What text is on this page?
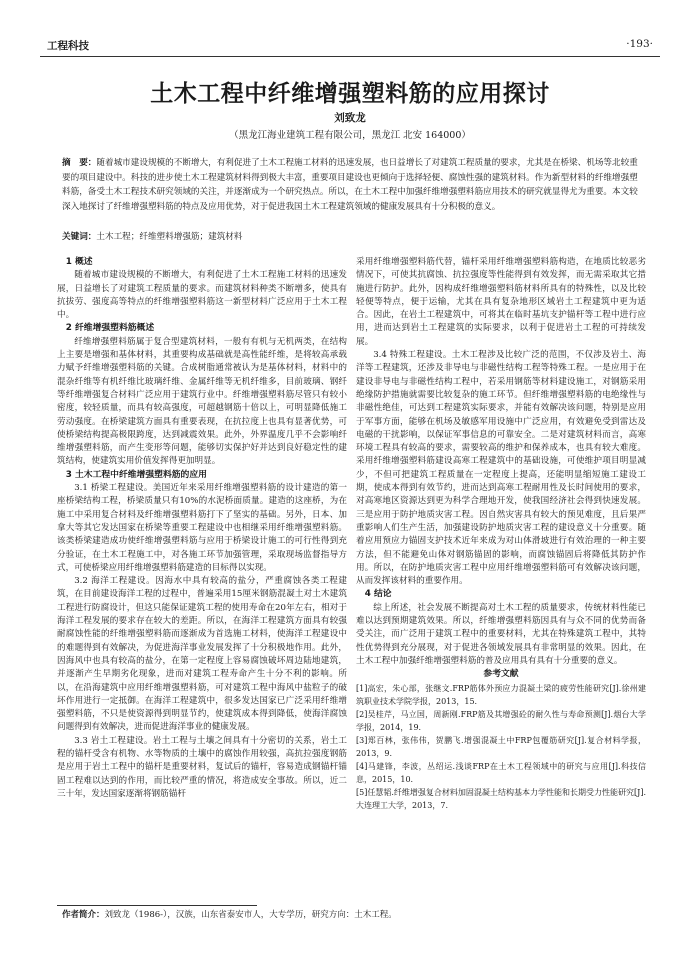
工程科技	·193·
土木工程中纤维增强塑料筋的应用探讨
刘致龙
（黑龙江海业建筑工程有限公司，黑龙江 北安 164000）
摘　要：随着城市建设规模的不断增大，有利促进了土木工程施工材料的迅速发展，也日益增长了对建筑工程质量的要求，尤其是在桥梁、机场等北较重要的项目建设中。科技的进步使土木工程建筑材料得到极大丰富，重要项目建设也更倾向于选择轻便、腐蚀性强的建筑材料。作为新型材料的纤维增强塑料筋，备受土木工程技术研究领域的关注，并逐渐成为一个研究热点。所以，在土木工程中加强纤维增强塑料筋应用技术的研究就显得尤为重要。本文较深入地探讨了纤维增强塑料筋的特点及应用优势，对于促进我国土木工程建筑领域的健康发展具有十分积极的意义。
关键词：土木工程；纤维塑料增强筋；建筑材料
1 概述

随着城市建设规模的不断增大，有利促进了土木工程施工材料的迅速发展，日益增长了对建筑工程质量的要求。而建筑材料种类不断增多，使具有抗拔劳、强度高等特点的纤维增强塑料筋这一新型材料广泛应用于土木工程中。

2 纤维增强塑料筋概述

纤维增强塑料筋属于复合型建筑材料，一般有有机与无机两类，在结构上主要是增强和基体材料，其重要构成基础就是高性能纤维，是将较高承载力赋予纤维增强塑料筋的关键。合成树脂通常被认为是基体材料，材料中的混杂纤维等有机纤维比玻璃纤维、金属纤维等无机纤维多，目前玻璃、钢纤等纤维增强复合材料广泛应用于建筑行业中。纤维增强塑料筋尽管只有较小密度，较轻质量，而具有较高强度，可超越钢筋十倍以上，可明显降低施工劳动强度。在桥梁建筑方面具有重要表现，在抗拉度上也具有显著优势，可使桥梁结构提高极限跨度，达到减震效果。此外，外界温度几乎不会影响纤维增强塑料筋，而产生变形等问题，能够切实保护好并达到良好稳定性的建筑结构，使建筑实用价值发挥得更加明显。

3 土木工程中纤维增强塑料筋的应用

3.1 桥梁工程建设。美国近年来采用纤维增强塑料筋的设计建造的第一座桥梁结构工程，桥梁质量只有10%的水泥桥面质量。建造的这座桥，为在施工中采用复合材料及纤维增强塑料筋打下了坚实的基础。另外，日本、加拿大等其它发达国家在桥梁等重要工程建设中也相继采用纤维增强塑料筋。该类桥梁建造成功使纤维增强塑料筋与应用于桥梁设计施工的可行性得到充分验证，在土木工程施工中，对各施工环节加强管理，采取现场监督指导方式，可使桥梁应用纤维增强塑料筋建造的目标得以实现。

3.2 海洋工程建设。因海水中具有较高的盐分，严重腐蚀各类工程建筑，在目前建设海洋工程的过程中，普遍采用15厘米钢筋混凝土对土木建筑工程进行防腐设计，但这只能保证建筑工程的使用寿命在20年左右，相对于海洋工程发展的要求存在较大的差距。所以，在海洋工程建筑方面具有较强耐腐蚀性能的纤维增强塑料筋而逐渐成为首选施工材料，使海洋工程建设中的难题得到有效解决，为促进海洋事业发展发挥了十分积极地作用。此外，因海风中也具有较高的盐分，在第一定程度上容易腐蚀破坏周边陆地建筑，并逐渐产生早期劣化现象，进而对建筑工程寿命产生十分不利的影响。所以，在沿海建筑中应用纤维增强塑料筋，可对建筑工程中海风中盐粒子的破坏作用进行一定抵御。在海洋工程建筑中，很多发达国家已广泛采用纤维增强塑料筋，不只是使资源得到明显节约，使建筑成本得到降低，使海洋腐蚀问题得到有效解决，进而促进海洋事业的健康发展。

3.3 岩土工程建设。岩土工程与土壤之间具有十分密切的关系，岩土工程的锚杆受含有机物、水等物质的土壤中的腐蚀作用较强，高抗拉强度钢筋是应用于岩土工程中的锚杆是重要材料，复试后的锚杆，容易造成钢锚杆锚固工程难以达到的作用，而比较严重的情况，将造成安全事故。所以，近二三十年，发达国家逐渐将钢筋锚杆

采用纤维增强塑料筋代替，锚杆采用纤维增强塑料筋构造，在地质比较恶劣情况下，可使其抗腐蚀、抗拉强度等性能得到有效发挥，而无需采取其它措施进行防护。此外，因构成纤维增强塑料筋材料所具有的特殊性，以及比较轻便等特点，便于运输，尤其在具有复杂地形区域岩土工程建筑中更为适合。因此，在岩土工程建筑中，可将其在临时基坑支护锚杆等工程中进行应用，进而达到岩土工程建筑的实际要求，以利于促进岩土工程的可持续发展。

3.4 特殊工程建设。土木工程涉及比较广泛的范围，不仅涉及岩土、海洋等工程建筑，还涉及非导电与非磁性结构工程等特殊工程。一是应用于在建设非导电与非磁性结构工程中，若采用钢筋等材料建设施工，对钢筋采用绝缘防护措施就需要比较复杂的施工环节。但纤维增强塑料筋的电绝缘性与非磁性绝佳，可达到工程建筑实际要求，并能有效解决该问题，特别是应用于军事方面，能够在机场及敏感军用设施中广泛应用，有效避免受到雷达及电磁的干扰影响，以保证军事信息的可靠安全。二是对建筑材料而言，高寒环境工程具有较高的要求，需要较高的维护和保养成本，也具有较大难度。采用纤维增强塑料筋建设高寒工程建筑中的基础设施，可使维护项目明显减少，不但可把建筑工程质量在一定程度上提高，还能明显缩短施工建设工期，使成本得到有效节约，进而达到高寒工程耐用性及长时间使用的要求，对高寒地区资源达到更为科学合理地开发，使我国经济社会得到快速发展。三是应用于防护地质灾害工程。因自然灾害具有较大的预见难度，且后果严重影响人们生产生活，加强建设防护地质灾害工程的建设意义十分重要。随着应用预应力锚固支护技术近年来成为对山体滑坡进行有效治理的一种主要方法，但不能避免山体对钢筋锚固的影响，而腐蚀锚固后将降低其防护作用。所以，在防护地质灾害工程中应用纤维增强塑料筋可有效解决该问题，从而发挥该材料的重要作用。

4 结论

综上所述，社会发展不断提高对土木工程的质量要求，传统材料性能已难以达到预期建筑效果。所以，纤维增强塑料筋因具有与众不同的优势而备受关注，而广泛用于建筑工程中的重要材料，尤其在特殊建筑工程中，其特性优势得到充分展现，对于促进各领域发展具有非常明显的效果。因此，在土木工程中加强纤维增强塑料筋的普及应用具有具有十分重要的意义。

参考文献

[1]高宏，朱心部，张继文.FRP筋体外预应力混凝土梁的疲劳性能研究[J].徐州建筑职业技术学院学报，2013，15.

[2]吴桂芹，马立国，周新刚.FRP筋及其增强砼的耐久性与寿命预测[J].烟台大学学报，2014，19.

[3]郑百林，张伟伟，贺鹏飞.增强混凝土中FRP包覆筋研究[J].复合材料学报，2013，9.

[4]马建锋，李波，丛绍运.浅谈FRP在土木工程领域中的研究与应用[J].科技信息，2015，10.

[5]任慧韬.纤维增强复合材料加固混凝土结构基本力学性能和长期受力性能研究[J].大连理工大学，2013，7.

作者简介：刘致龙（1986-），汉族，山东省泰安市人，大专学历，研究方向：土木工程。
